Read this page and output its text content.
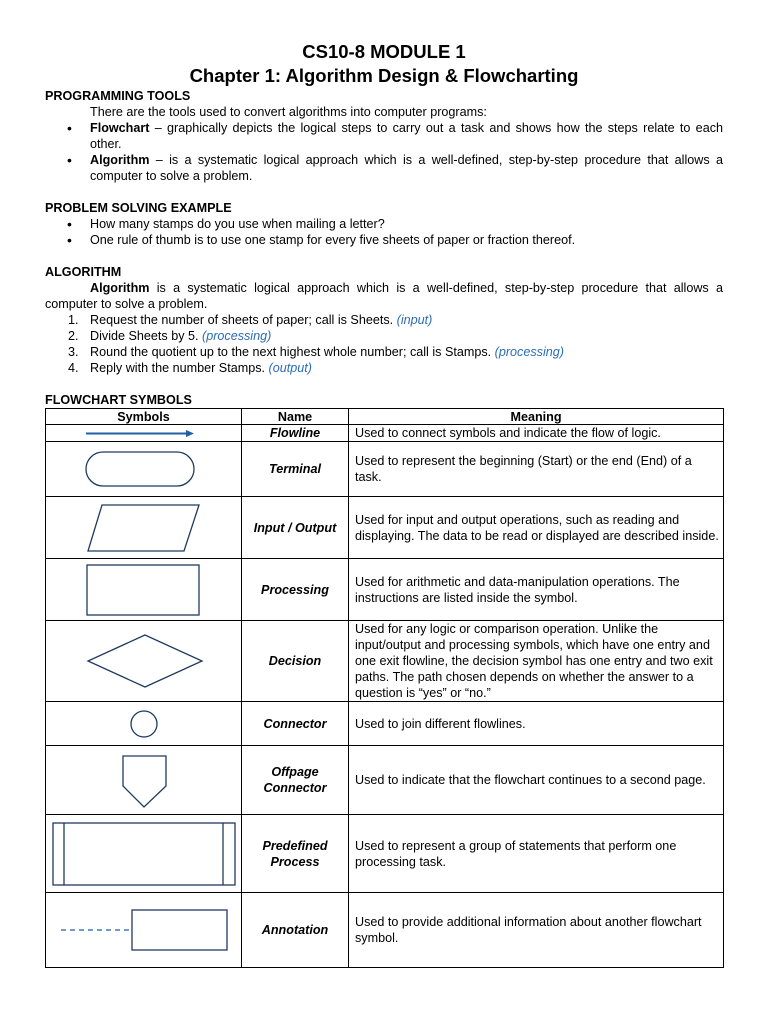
CS10-8 MODULE 1
Chapter 1: Algorithm Design & Flowcharting
PROGRAMMING TOOLS
There are the tools used to convert algorithms into computer programs:
• Flowchart – graphically depicts the logical steps to carry out a task and shows how the steps relate to each other.
• Algorithm – is a systematic logical approach which is a well-defined, step-by-step procedure that allows a computer to solve a problem.
PROBLEM SOLVING EXAMPLE
• How many stamps do you use when mailing a letter?
• One rule of thumb is to use one stamp for every five sheets of paper or fraction thereof.
ALGORITHM
Algorithm is a systematic logical approach which is a well-defined, step-by-step procedure that allows a computer to solve a problem.
1. Request the number of sheets of paper; call is Sheets. (input)
2. Divide Sheets by 5. (processing)
3. Round the quotient up to the next highest whole number; call is Stamps. (processing)
4. Reply with the number Stamps. (output)
FLOWCHART SYMBOLS
Symbols	Name	Meaning

	Flowline	Used to connect symbols and indicate the flow of logic.

	Terminal	Used to represent the beginning (Start) or the end (End) of a task.

	Input / Output	Used for input and output operations, such as reading and displaying. The data to be read or displayed are described inside.

	Processing	Used for arithmetic and data-manipulation operations. The instructions are listed inside the symbol.

	Decision	Used for any logic or comparison operation. Unlike the input/output and processing symbols, which have one entry and one exit flowline, the decision symbol has one entry and two exit paths. The path chosen depends on whether the answer to a question is “yes” or “no.”

	Connector	Used to join different flowlines.

	Offpage Connector	Used to indicate that the flowchart continues to a second page.

	Predefined Process	Used to represent a group of statements that perform one processing task.

	Annotation	Used to provide additional information about another flowchart symbol.
